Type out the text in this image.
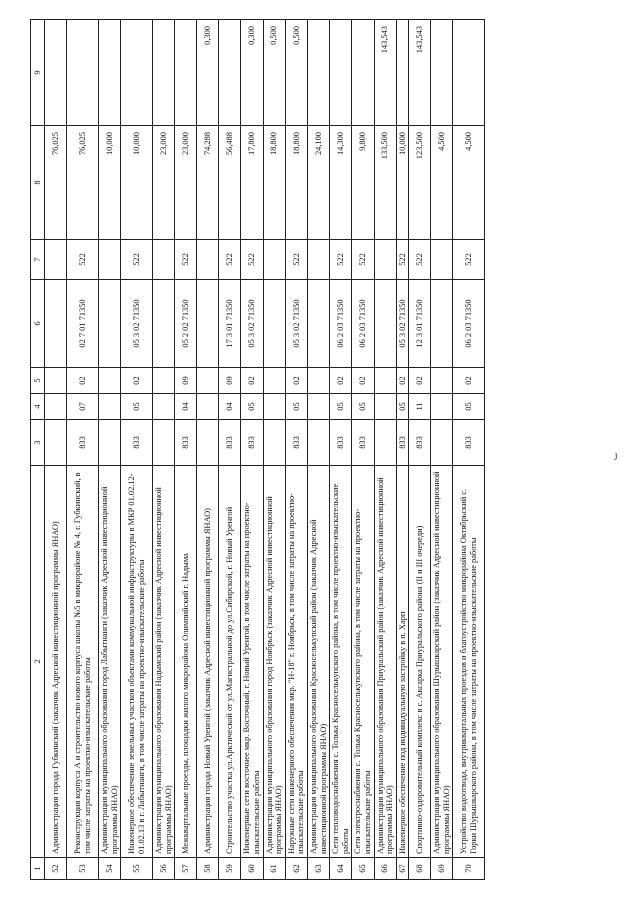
1	2	3	4	5	6	7	8	9
52	Администрация города Губкинский (заказчик Адресной инвестиционной программы ЯНАО)						76,025	
53	Реконструкция корпуса А и строительство нового корпуса школы №5 в микрорайоне № 4, г. Губкинский, в том числе затраты на проектно-изыскательские работы	833	07	02	02 7 01 71350	522	76,025	
54	Администрация муниципального образования город Лабытнанги (заказчик Адресной инвестиционной программы ЯНАО)						10,000	
55	Инженерное обеспечение земельных участков объектами коммунальной инфраструктуры в МКР 01.02.12-01.02.13 в г. Лабытнанги, в том числе затраты на проектно-изыскательские работы	833	05	02	05 3 02 71350	522	10,000	
56	Администрация муниципального образования Надымский район (заказчик Адресной инвестиционной программы ЯНАО)						23,000	
57	Межквартальные проезды, площадки жилого микрорайона Олимпийский г. Надыма	833	04	09	05 2 02 71350	522	23,000	
58	Администрация города Новый Уренгой (заказчик Адресной инвестиционной программы ЯНАО)						74,288	0,300
59	Строительство участка ул.Арктической от ул.Магистральной до ул.Сибирской, г. Новый Уренгой	833	04	09	17 3 01 71350	522	56,488	
60	Инженерные сети восточнее мкр. Восточный, г. Новый Уренгой, в том числе затраты на проектно-изыскательские работы	833	05	02	05 3 02 71350	522	17,800	0,300
61	Администрация муниципального образования город Ноябрьск (заказчик Адресной инвестиционной программы ЯНАО)						18,800	0,500
62	Наружные сети инженерного обеспечения мкр. "Н-18" г. Ноябрьск, в том числе затраты на проектно-изыскательские работы	833	05	02	05 3 02 71350	522	18,800	0,500
63	Администрация муниципального образования Красноселькупский район (заказчик Адресной инвестиционной программы ЯНАО)						24,100	
64	Сети тепловодоснабжения с. Толька Красноселькупского района, в том числе проектно-изыскательские работы	833	05	02	06 2 03 71350	522	14,300	
65	Сети электроснабжения с. Толька Красноселькупского района, в том числе затраты на проектно-изыскательские работы	833	05	02	06 2 03 71350	522	9,800	
66	Администрация муниципального образования Приуральский район (заказчик Адресной инвестиционной программы ЯНАО)						133,500	143,543
67	Инженерное обеспечение под индивидуальную застройку в п. Харп	833	05	02	05 3 02 71350	522	10,000	
68	Спортивно-оздоровительный комплекс в с. Аксарка Приуральского района (II и III очереди)	833	11	02	12 3 01 71350	522	123,500	143,543
69	Администрация муниципального образования Шурышкарский район (заказчик Адресной инвестиционной программы ЯНАО)						4,500	
70	Устройство водоотвода, внутриквартальных проездов и благоустройство микрорайона Октябрьский с. Горки Шурышкарского района, в том числе затраты на проектно-изыскательские работы	833	05	02	06 2 03 71350	522	4,500	
J
